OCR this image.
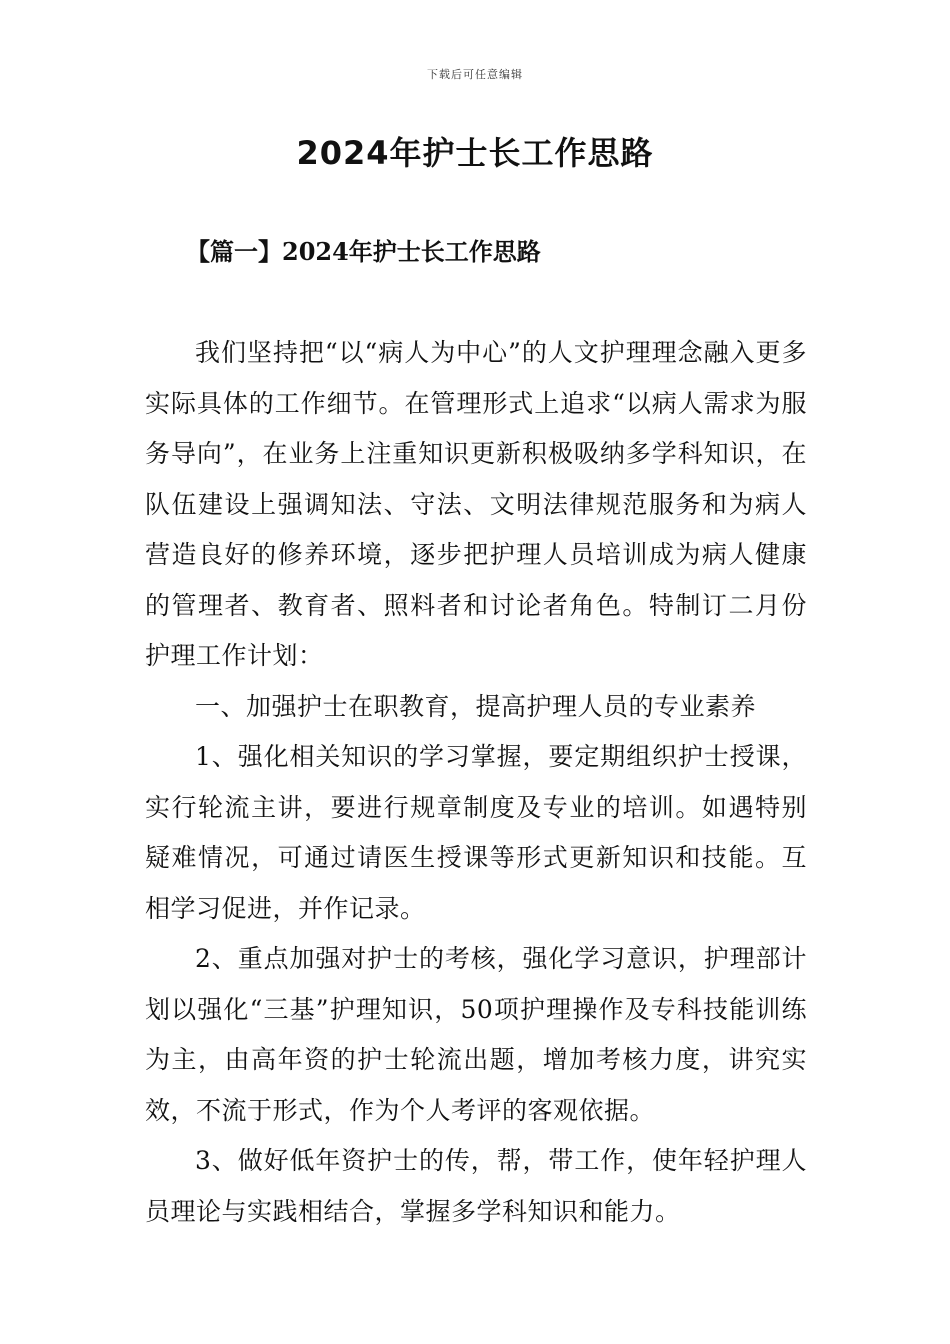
下载后可任意编辑
2024年护士长工作思路
【篇一】2024年护士长工作思路

我们坚持把“以“病人为中心”的人文护理理念融入更多实际具体的工作细节。在管理形式上追求“以病人需求为服务导向”，在业务上注重知识更新积极吸纳多学科知识，在队伍建设上强调知法、守法、文明法律规范服务和为病人营造良好的修养环境，逐步把护理人员培训成为病人健康的管理者、教育者、照料者和讨论者角色。特制订二月份护理工作计划：

一、加强护士在职教育，提高护理人员的专业素养

1、强化相关知识的学习掌握，要定期组织护士授课，实行轮流主讲，要进行规章制度及专业的培训。如遇特别疑难情况，可通过请医生授课等形式更新知识和技能。互相学习促进，并作记录。

2、重点加强对护士的考核，强化学习意识，护理部计划以强化“三基”护理知识，50项护理操作及专科技能训练为主，由高年资的护士轮流出题，增加考核力度，讲究实效，不流于形式，作为个人考评的客观依据。

3、做好低年资护士的传，帮，带工作，使年轻护理人员理论与实践相结合，掌握多学科知识和能力。
